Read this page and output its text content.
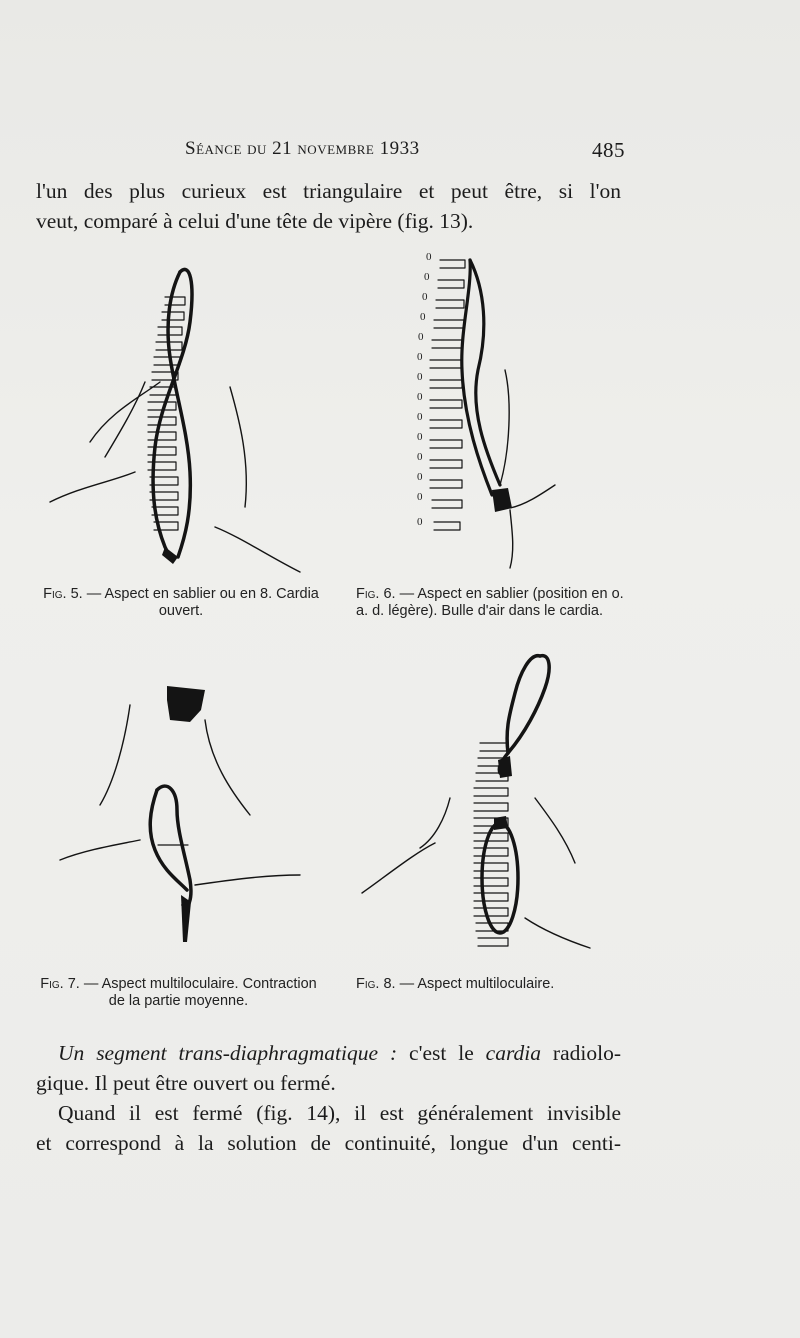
Séance du 21 novembre 1933	485

l'un des plus curieux est triangulaire et peut être, si l'on

veut, comparé à celui d'une tête de vipère (fig. 13).

Fig. 5. — Aspect en sablier ou en 8. Cardia ouvert.
0
0
0
0
0
0
0
0
0
0
0
0
0
0
Fig. 6. — Aspect en sablier (position en o. a. d. légère). Bulle d'air dans le cardia.
Fig. 7. — Aspect multiloculaire. Contraction de la partie moyenne.
Fig. 8. — Aspect multiloculaire.

Un segment trans-diaphragmatique : c'est le cardia radiolo-

gique. Il peut être ouvert ou fermé.

Quand il est fermé (fig. 14), il est généralement invisible

et correspond à la solution de continuité, longue d'un centi-
